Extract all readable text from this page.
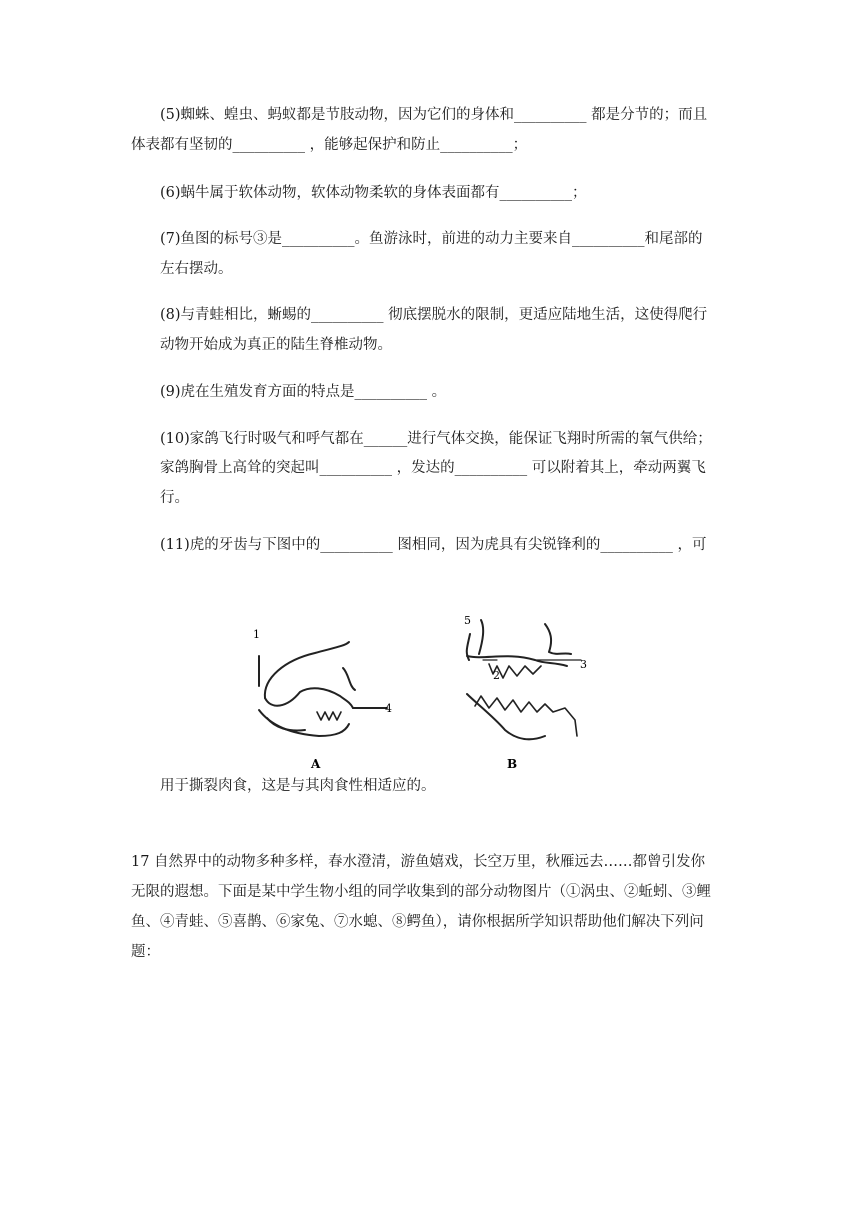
(5)蜘蛛、蝗虫、蚂蚁都是节肢动物，因为它们的身体和__________ 都是分节的；而且
体表都有坚韧的__________ ，能够起保护和防止__________；
(6)蜗牛属于软体动物，软体动物柔软的身体表面都有__________；
(7)鱼图的标号③是__________。鱼游泳时，前进的动力主要来自__________和尾部的
左右摆动。
(8)与青蛙相比，蜥蜴的__________ 彻底摆脱水的限制，更适应陆地生活，这使得爬行
动物开始成为真正的陆生脊椎动物。
(9)虎在生殖发育方面的特点是__________ 。
(10)家鸽飞行时吸气和呼气都在______进行气体交换，能保证飞翔时所需的氧气供给；
家鸽胸骨上高耸的突起叫__________ ，发达的__________ 可以附着其上，牵动两翼飞
行。
(11)虎的牙齿与下图中的__________ 图相同，因为虎具有尖锐锋利的__________ ，可
1
4
5
2
3
A	B
用于撕裂肉食，这是与其肉食性相适应的。
17 自然界中的动物多种多样，春水澄清，游鱼嬉戏，长空万里，秋雁远去……都曾引发你
无限的遐想。下面是某中学生物小组的同学收集到的部分动物图片（①涡虫、②蚯蚓、③鲤
鱼、④青蛙、⑤喜鹊、⑥家兔、⑦水螅、⑧鳄鱼），请你根据所学知识帮助他们解决下列问
题：
